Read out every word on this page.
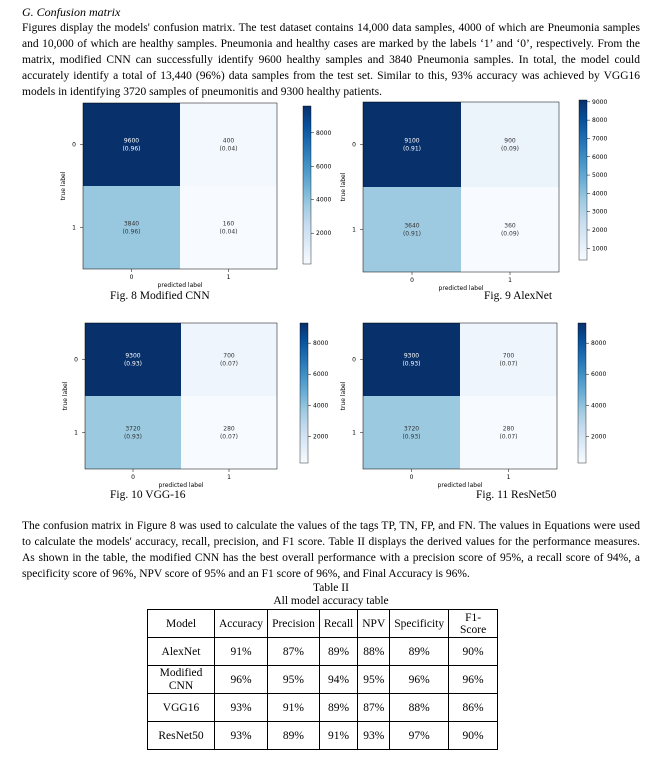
G. Confusion matrix

Figures display the models' confusion matrix. The test dataset contains 14,000 data samples, 4000 of which are Pneumonia samples and 10,000 of which are healthy samples. Pneumonia and healthy cases are marked by the labels ‘1’ and ‘0’, respectively. From the matrix, modified CNN can successfully identify 9600 healthy samples and 3840 Pneumonia samples. In total, the model could accurately identify a total of 13,440 (96%) data samples from the test set. Similar to this, 93% accuracy was achieved by VGG16 models in identifying 3720 samples of pneumonitis and 9300 healthy patients.

9600
(0.96)
400
(0.04)
3840
(0.96)
160
(0.04)
0
1
0	1
predicted label
true label
2000
4000
6000
8000
9100
(0.91)
900
(0.09)
3640
(0.91)
360
(0.09)
0
1
0	1
predicted label
true label
1000
2000
3000
4000
5000
6000
7000
8000
9000
9300
(0.93)
700
(0.07)
3720
(0.93)
280
(0.07)
0
1
0	1
predicted label
true label
2000
4000
6000
8000
9300
(0.93)
700
(0.07)
3720
(0.93)
280
(0.07)
0
1
0	1
predicted label
true label
2000
4000
6000
8000
Fig. 8 Modified CNN	Fig. 9 AlexNet
Fig. 10 VGG-16	Fig. 11 ResNet50

The confusion matrix in Figure 8 was used to calculate the values of the tags TP, TN, FP, and FN. The values in Equations were used to calculate the models' accuracy, recall, precision, and F1 score. Table II displays the derived values for the performance measures. As shown in the table, the modified CNN has the best overall performance with a precision score of 95%, a recall score of 94%, a specificity score of 96%, NPV score of 95% and an F1 score of 96%, and Final Accuracy is 96%.

Table II
All model accuracy table
Model	Accuracy	Precision	Recall	NPV	Specificity	F1-Score
AlexNet	91%	87%	89%	88%	89%	90%
Modified CNN	96%	95%	94%	95%	96%	96%
VGG16	93%	91%	89%	87%	88%	86%
ResNet50	93%	89%	91%	93%	97%	90%
